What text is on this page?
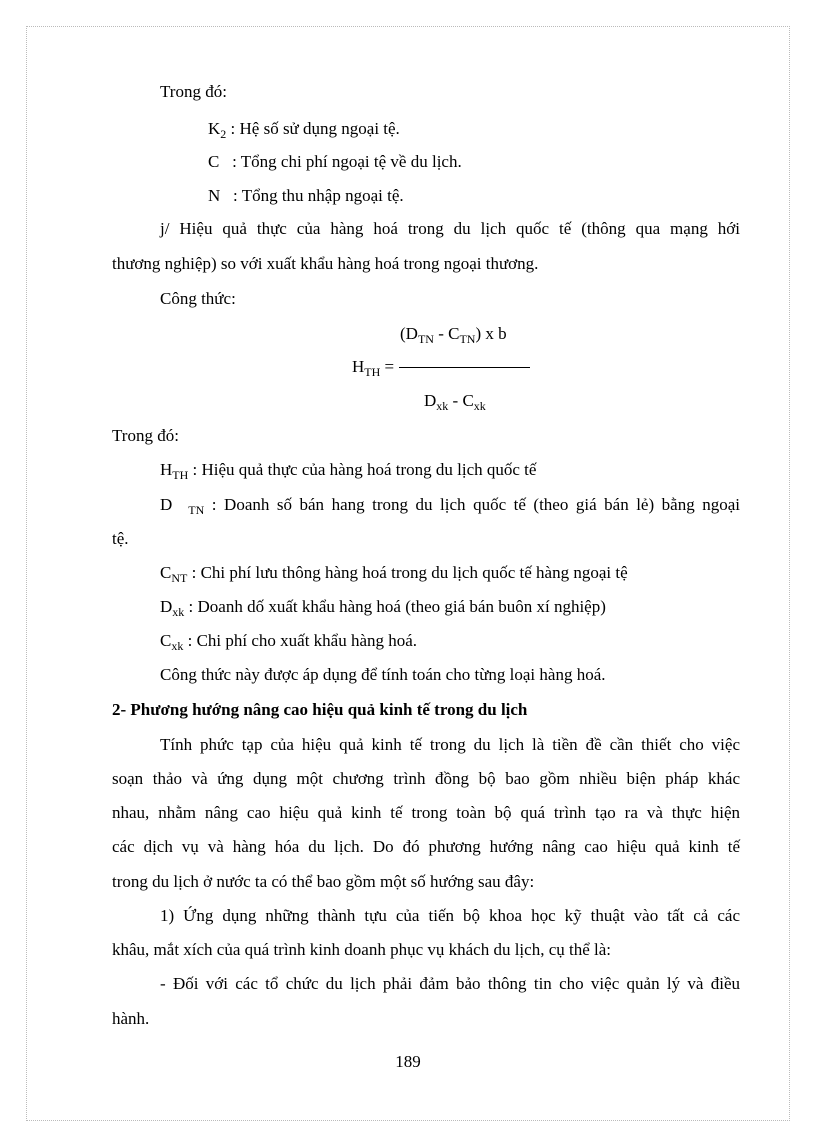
Trong đó:
$K_2$ : Hệ số sử dụng ngoại tệ.
C   : Tổng chi phí ngoại tệ về du lịch.
N   : Tổng thu nhập ngoại tệ.
j/ Hiệu quả thực của hàng hoá trong du lịch quốc tế (thông qua mạng hới
thương nghiệp) so với xuất khẩu hàng hoá trong ngoại thương.
Công thức:
$(D_{TN} - C_{TN})$ x b
$H_{TH}$ =
$D_{xk} - C_{xk}$
Trong đó:
$H_{TH}$ : Hiệu quả thực của hàng hoá trong du lịch quốc tế
D $_{TN}$ : Doanh số bán hang trong du lịch quốc tế (theo giá bán lẻ) bằng ngoại
tệ.
$C_{NT}$ : Chi phí lưu thông hàng hoá trong du lịch quốc tế hàng ngoại tệ
$D_{xk}$ : Doanh dố xuất khẩu hàng hoá (theo giá bán buôn xí nghiệp)
$C_{xk}$ : Chi phí cho xuất khẩu hàng hoá.
Công thức này được áp dụng để tính toán cho từng loại hàng hoá.
2- Phương hướng nâng cao hiệu quả kinh tế trong du lịch
Tính phức tạp của hiệu quả kinh tế trong du lịch là tiền đề cần thiết cho việc
soạn thảo và ứng dụng một chương trình đồng bộ bao gồm nhiều biện pháp khác
nhau, nhằm nâng cao hiệu quả kinh tế trong toàn bộ quá trình tạo ra và thực hiện
các dịch vụ và hàng hóa du lịch. Do đó phương hướng nâng cao hiệu quả kinh tế
trong du lịch ở nước ta có thể bao gồm một số hướng sau đây:
1) Ứng dụng những thành tựu của tiến bộ khoa học kỹ thuật vào tất cả các
khâu, mắt xích của quá trình kinh doanh phục vụ khách du lịch, cụ thể là:
- Đối với các tổ chức du lịch phải đảm bảo thông tin cho việc quản lý và điều
hành.
189
